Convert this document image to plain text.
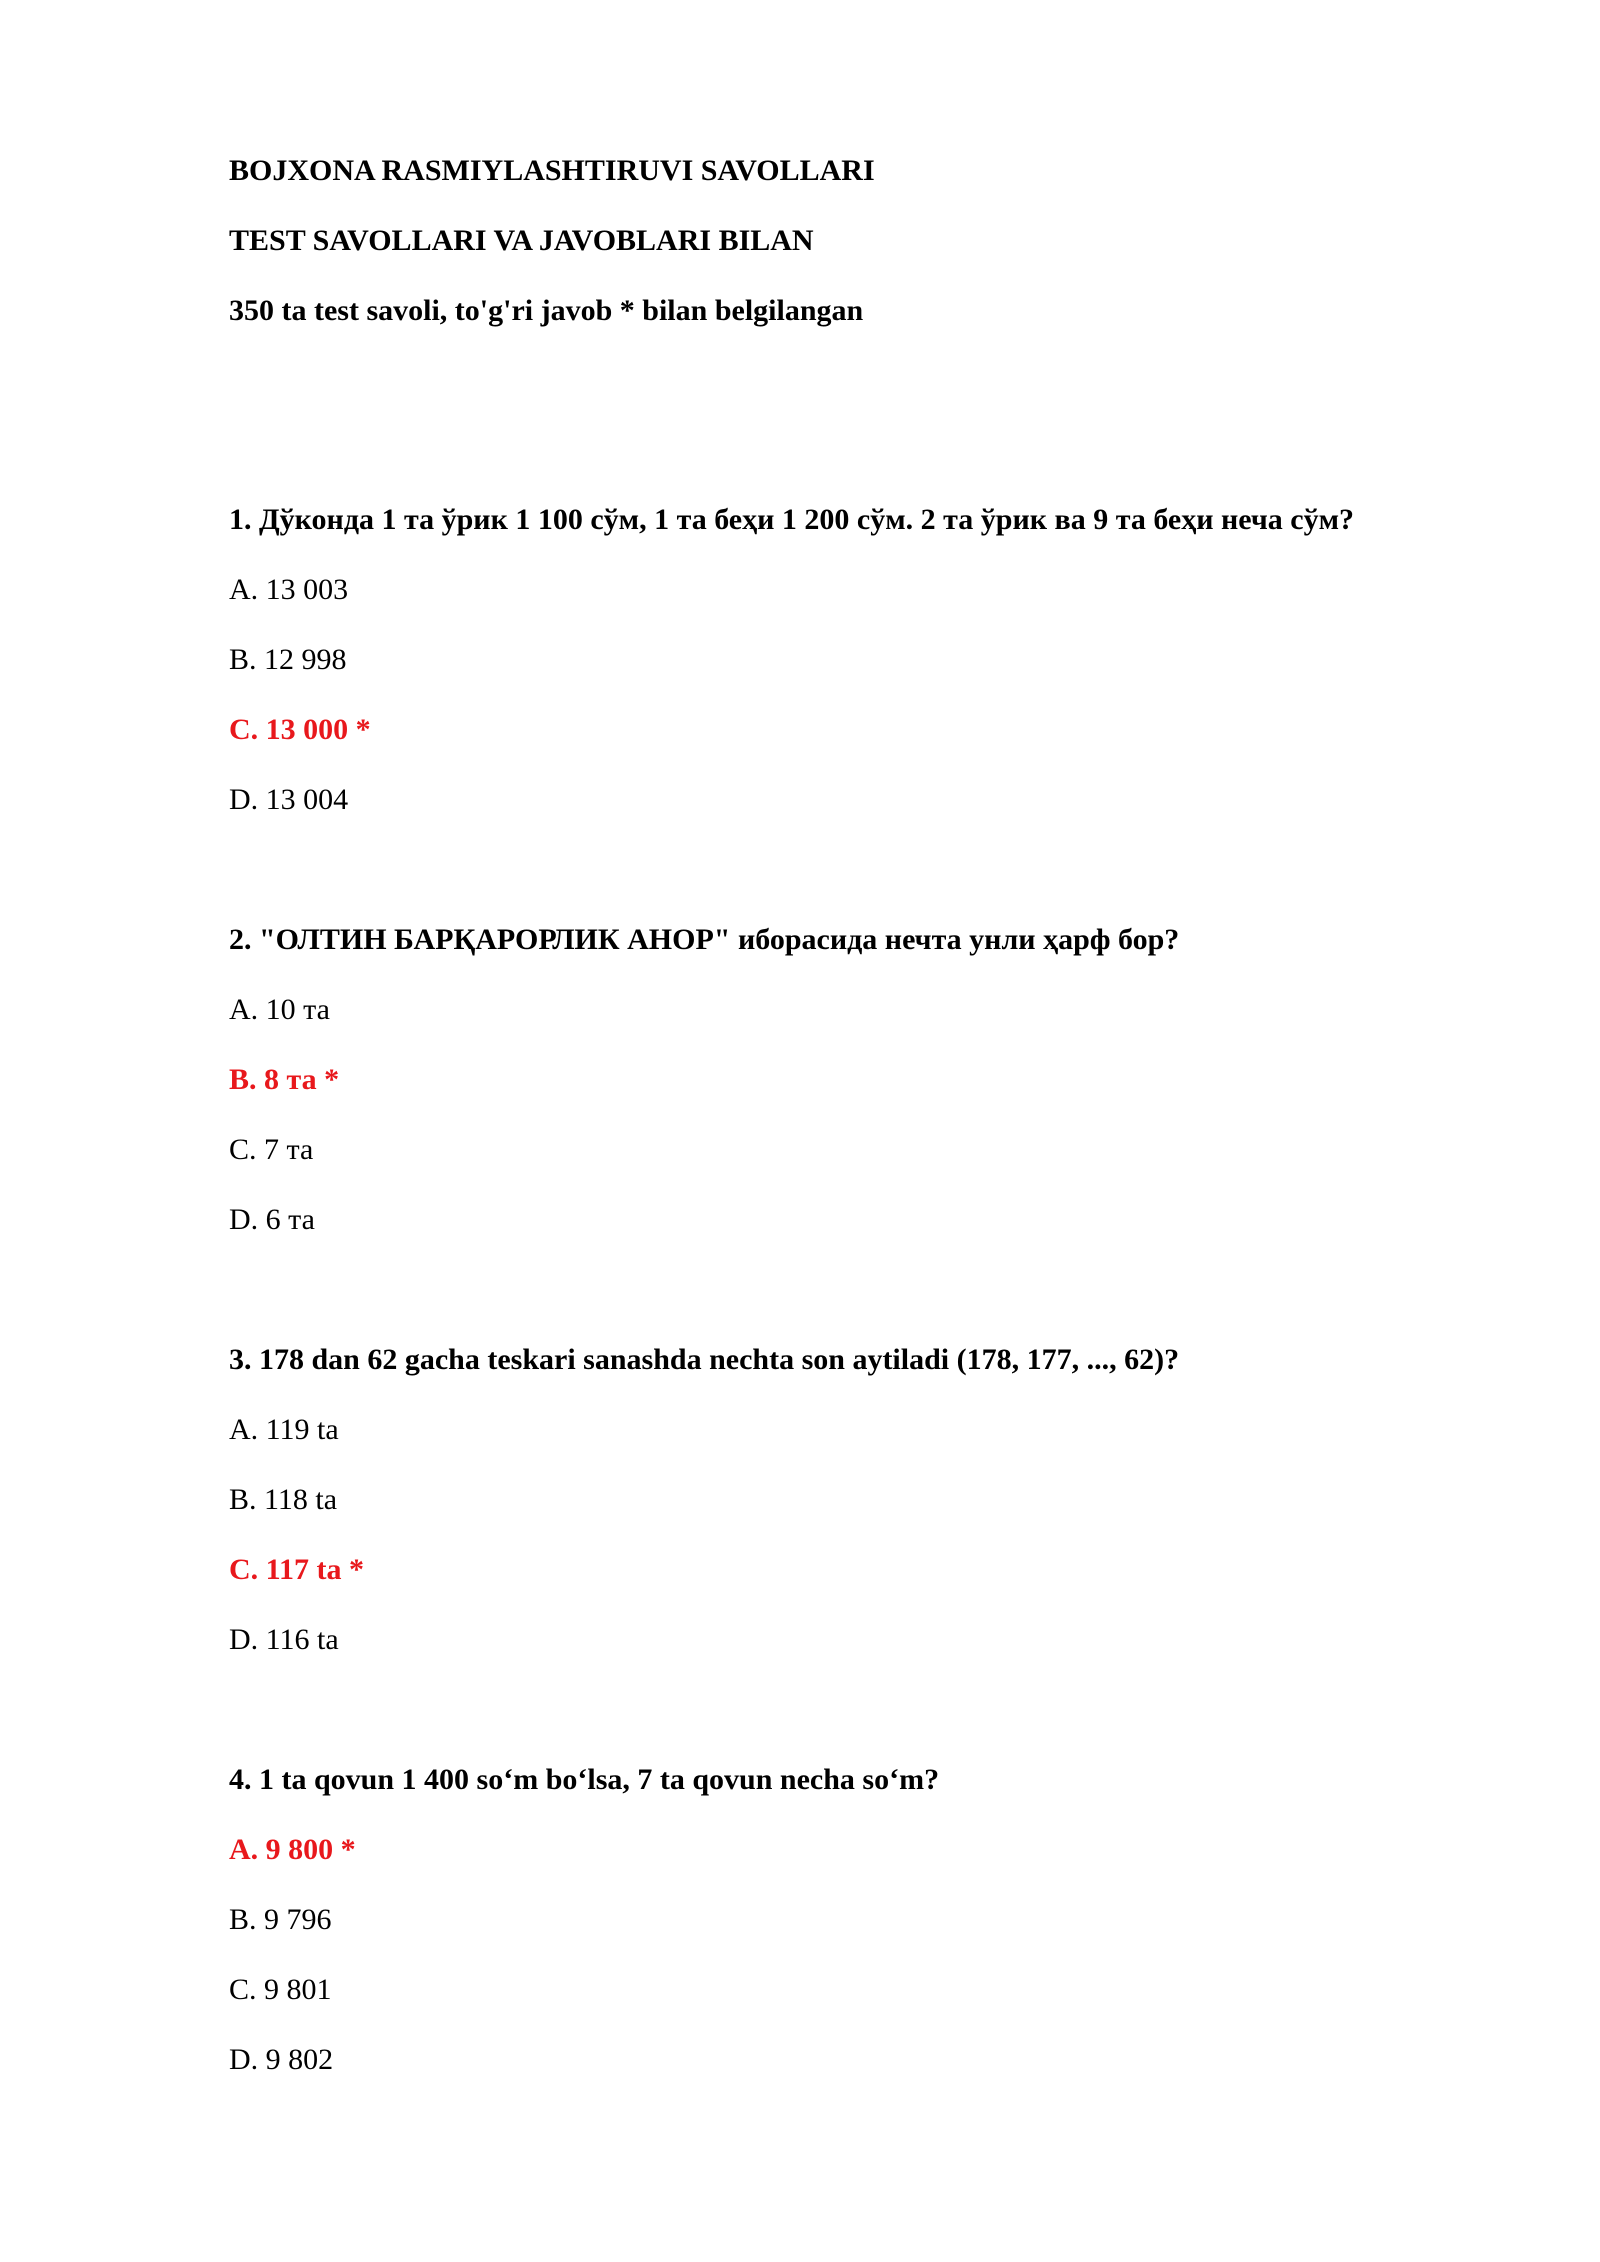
BOJXONA RASMIYLASHTIRUVI SAVOLLARI
TEST SAVOLLARI VA JAVOBLARI BILAN
350 ta test savoli, to'g'ri javob * bilan belgilangan
1. Дўконда 1 та ўрик 1 100 сўм, 1 та беҳи 1 200 сўм. 2 та ўрик ва 9 та беҳи неча сўм?
A. 13 003
B. 12 998
C. 13 000 *
D. 13 004
2. "ОЛТИН БАРҚАРОРЛИК АНОР" иборасида нечта унли ҳарф бор?
A. 10 та
B. 8 та *
C. 7 та
D. 6 та
3. 178 dan 62 gacha teskari sanashda nechta son aytiladi (178, 177, ..., 62)?
A. 119 ta
B. 118 ta
C. 117 ta *
D. 116 ta
4. 1 ta qovun 1 400 so‘m bo‘lsa, 7 ta qovun necha so‘m?
A. 9 800 *
B. 9 796
C. 9 801
D. 9 802
